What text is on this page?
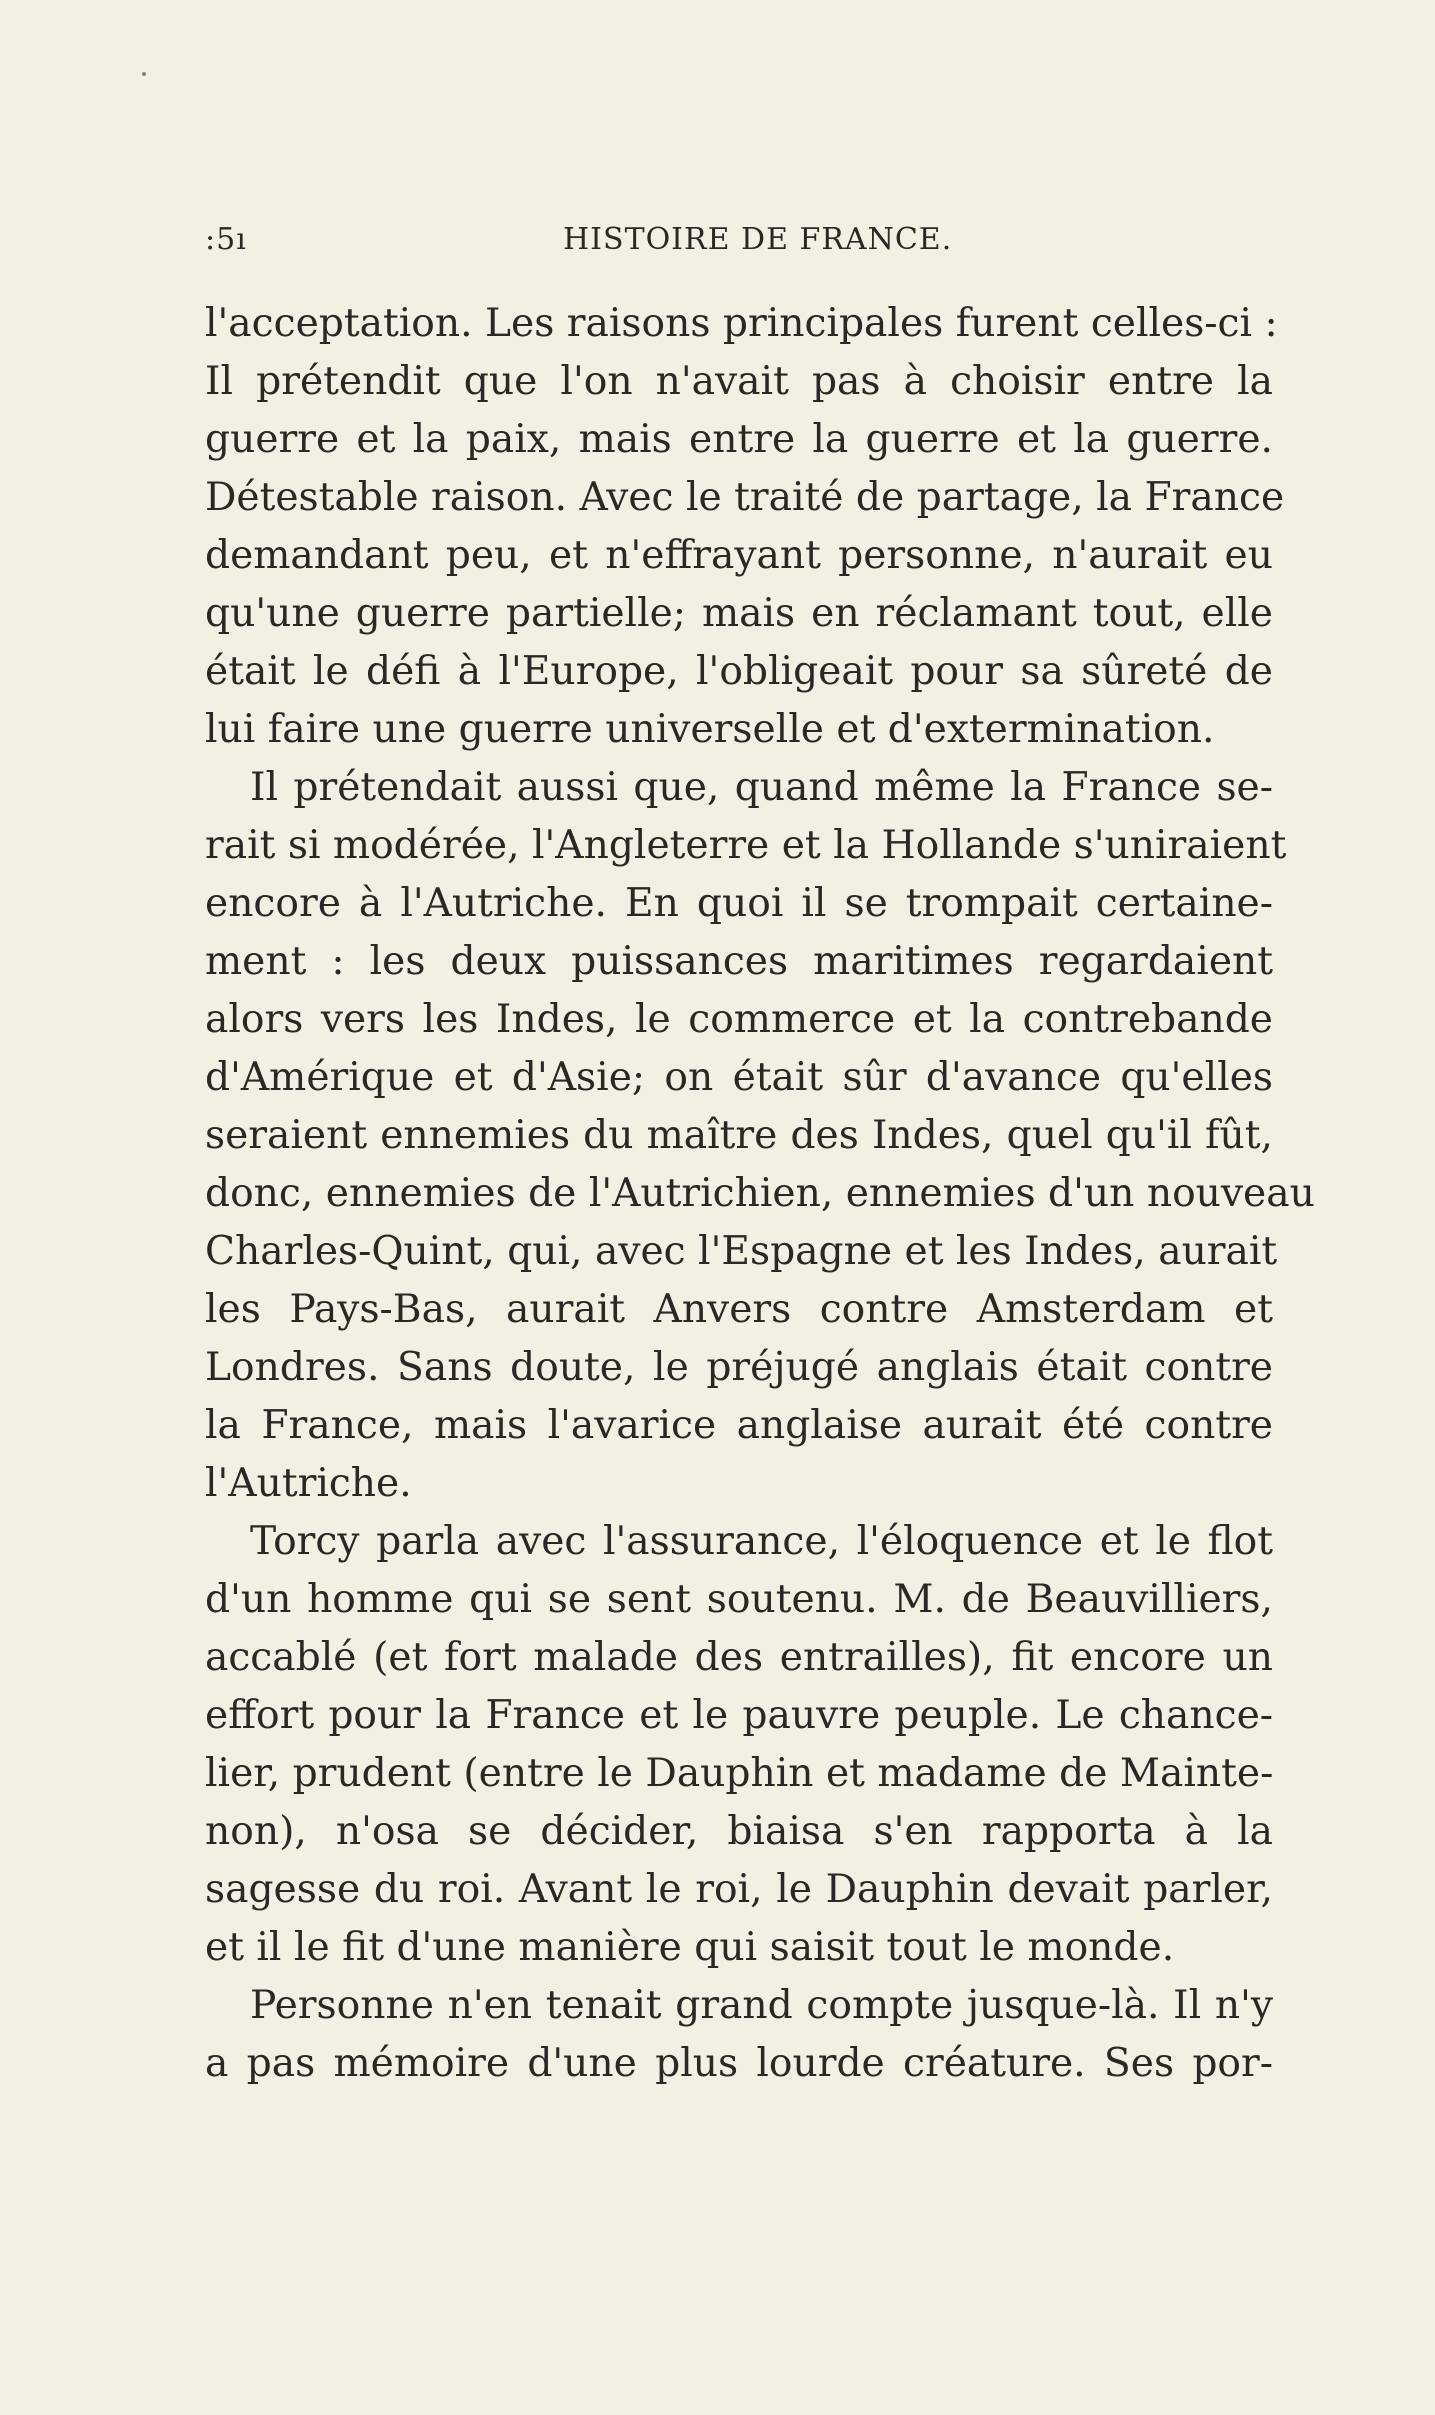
:5ı	HISTOIRE DE FRANCE.
l'acceptation. Les raisons principales furent celles-ci :
Il prétendit que l'on n'avait pas à choisir entre la
guerre et la paix, mais entre la guerre et la guerre.
Détestable raison. Avec le traité de partage, la France
demandant peu, et n'effrayant personne, n'aurait eu
qu'une guerre partielle; mais en réclamant tout, elle
était le défi à l'Europe, l'obligeait pour sa sûreté de
lui faire une guerre universelle et d'extermination.
Il prétendait aussi que, quand même la France se-
rait si modérée, l'Angleterre et la Hollande s'uniraient
encore à l'Autriche. En quoi il se trompait certaine-
ment : les deux puissances maritimes regardaient
alors vers les Indes, le commerce et la contrebande
d'Amérique et d'Asie; on était sûr d'avance qu'elles
seraient ennemies du maître des Indes, quel qu'il fût,
donc, ennemies de l'Autrichien, ennemies d'un nouveau
Charles-Quint, qui, avec l'Espagne et les Indes, aurait
les Pays-Bas, aurait Anvers contre Amsterdam et
Londres. Sans doute, le préjugé anglais était contre
la France, mais l'avarice anglaise aurait été contre
l'Autriche.
Torcy parla avec l'assurance, l'éloquence et le flot
d'un homme qui se sent soutenu. M. de Beauvilliers,
accablé (et fort malade des entrailles), fit encore un
effort pour la France et le pauvre peuple. Le chance-
lier, prudent (entre le Dauphin et madame de Mainte-
non), n'osa se décider, biaisa s'en rapporta à la
sagesse du roi. Avant le roi, le Dauphin devait parler,
et il le fit d'une manière qui saisit tout le monde.
Personne n'en tenait grand compte jusque-là. Il n'y
a pas mémoire d'une plus lourde créature. Ses por-
